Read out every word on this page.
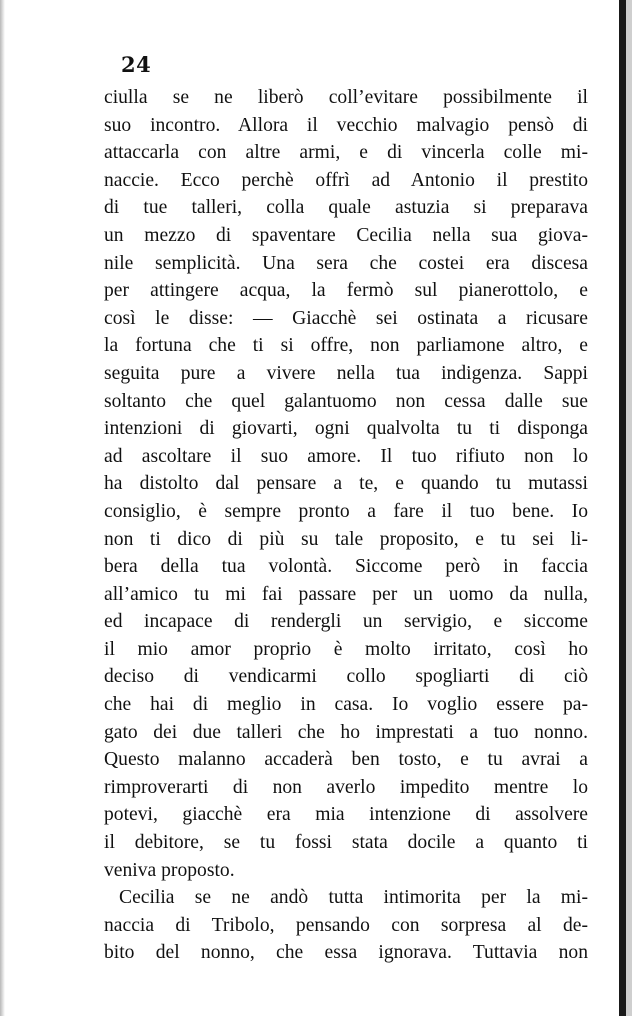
24
ciulla se ne liberò coll’evitare possibilmente il
suo incontro. Allora il vecchio malvagio pensò di
attaccarla con altre armi, e di vincerla colle mi-
naccie. Ecco perchè offrì ad Antonio il prestito
di tue talleri, colla quale astuzia si preparava
un mezzo di spaventare Cecilia nella sua giova-
nile semplicità. Una sera che costei era discesa
per attingere acqua, la fermò sul pianerottolo, e
così le disse: — Giacchè sei ostinata a ricusare
la fortuna che ti si offre, non parliamone altro, e
seguita pure a vivere nella tua indigenza. Sappi
soltanto che quel galantuomo non cessa dalle sue
intenzioni di giovarti, ogni qualvolta tu ti disponga
ad ascoltare il suo amore. Il tuo rifiuto non lo
ha distolto dal pensare a te, e quando tu mutassi
consiglio, è sempre pronto a fare il tuo bene. Io
non ti dico di più su tale proposito, e tu sei li-
bera della tua volontà. Siccome però in faccia
all’amico tu mi fai passare per un uomo da nulla,
ed incapace di rendergli un servigio, e siccome
il mio amor proprio è molto irritato, così ho
deciso di vendicarmi collo spogliarti di ciò
che hai di meglio in casa. Io voglio essere pa-
gato dei due talleri che ho imprestati a tuo nonno.
Questo malanno accaderà ben tosto, e tu avrai a
rimproverarti di non averlo impedito mentre lo
potevi, giacchè era mia intenzione di assolvere
il debitore, se tu fossi stata docile a quanto ti
veniva proposto.
Cecilia se ne andò tutta intimorita per la mi-
naccia di Tribolo, pensando con sorpresa al de-
bito del nonno, che essa ignorava. Tuttavia non
